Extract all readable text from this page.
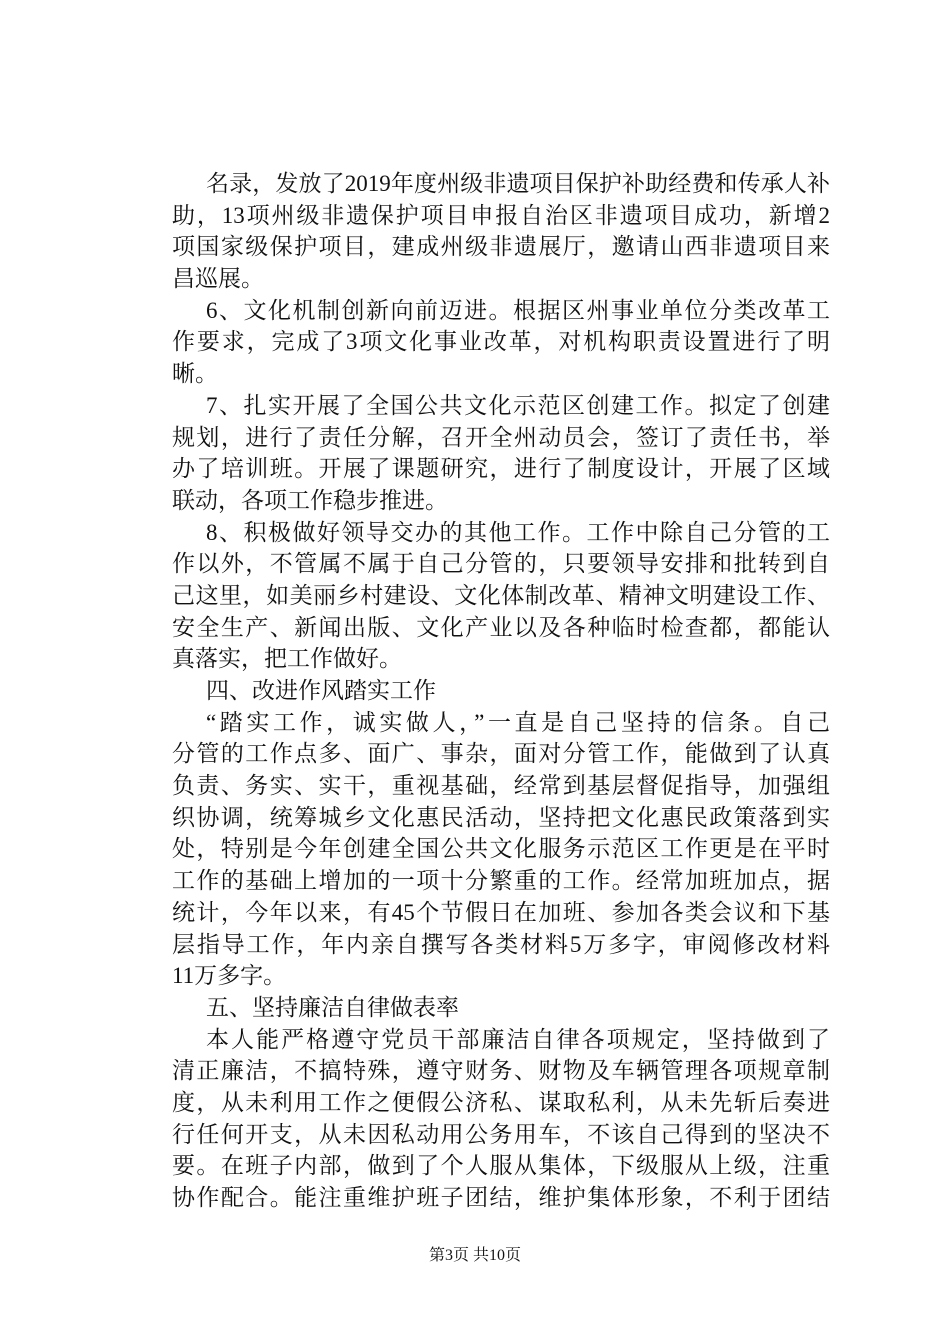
名录，发放了2019年度州级非遗项目保护补助经费和传承人补
助，13项州级非遗保护项目申报自治区非遗项目成功，新增2
项国家级保护项目，建成州级非遗展厅，邀请山西非遗项目来
昌巡展。
6、文化机制创新向前迈进。根据区州事业单位分类改革工
作要求，完成了3项文化事业改革，对机构职责设置进行了明
晰。
7、扎实开展了全国公共文化示范区创建工作。拟定了创建
规划，进行了责任分解，召开全州动员会，签订了责任书，举
办了培训班。开展了课题研究，进行了制度设计，开展了区域
联动，各项工作稳步推进。
8、积极做好领导交办的其他工作。工作中除自己分管的工
作以外，不管属不属于自己分管的，只要领导安排和批转到自
己这里，如美丽乡村建设、文化体制改革、精神文明建设工作、
安全生产、新闻出版、文化产业以及各种临时检查都，都能认
真落实，把工作做好。
四、改进作风踏实工作
“踏实工作，诚实做人，”一直是自己坚持的信条。自己
分管的工作点多、面广、事杂，面对分管工作，能做到了认真
负责、务实、实干，重视基础，经常到基层督促指导，加强组
织协调，统筹城乡文化惠民活动，坚持把文化惠民政策落到实
处，特别是今年创建全国公共文化服务示范区工作更是在平时
工作的基础上增加的一项十分繁重的工作。经常加班加点，据
统计，今年以来，有45个节假日在加班、参加各类会议和下基
层指导工作，年内亲自撰写各类材料5万多字，审阅修改材料
11万多字。
五、坚持廉洁自律做表率
本人能严格遵守党员干部廉洁自律各项规定，坚持做到了
清正廉洁，不搞特殊，遵守财务、财物及车辆管理各项规章制
度，从未利用工作之便假公济私、谋取私利，从未先斩后奏进
行任何开支，从未因私动用公务用车，不该自己得到的坚决不
要。在班子内部，做到了个人服从集体，下级服从上级，注重
协作配合。能注重维护班子团结，维护集体形象，不利于团结
第3页 共10页
